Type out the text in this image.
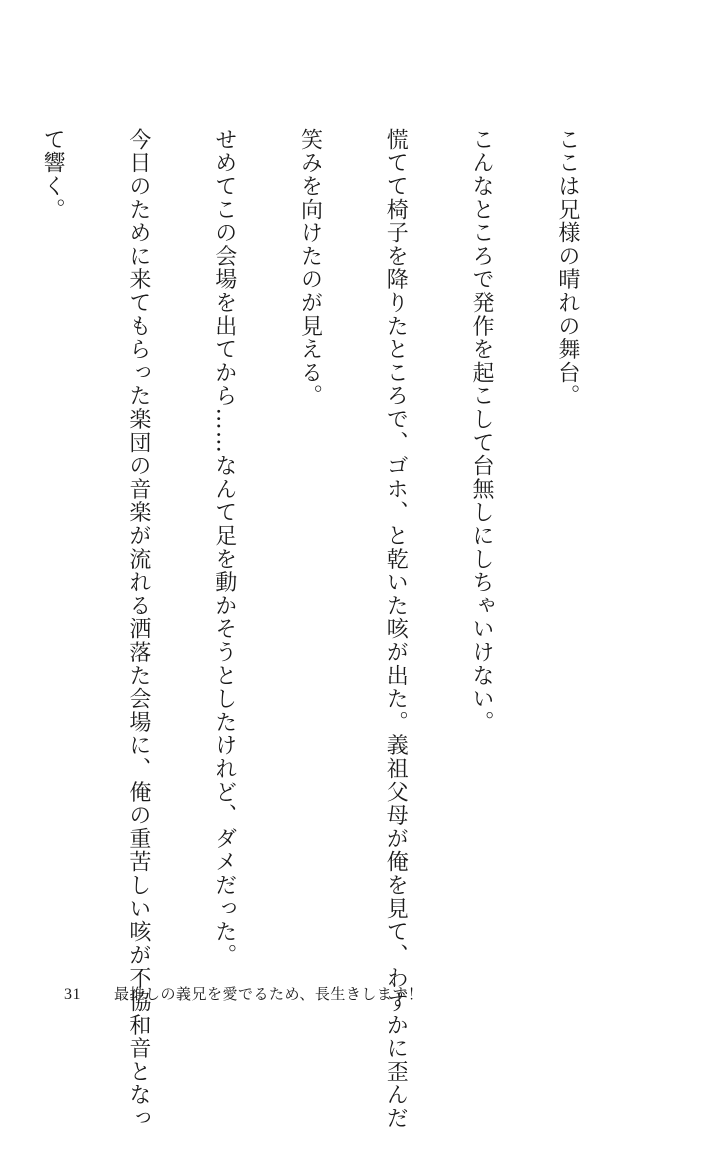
ここは兄様の晴れの舞台。

こんなところで発作を起こして台無しにしちゃいけない。

慌てて椅子を降りたところで、ゴホ、と乾いた咳が出た。義祖父母が俺を見て、わずかに歪んだ

笑みを向けたのが見える。

せめてこの会場を出てから……なんて足を動かそうとしたけれど、ダメだった。

今日のために来てもらった楽団の音楽が流れる洒落た会場に、俺の重苦しい咳が不協和音となっ

て響く。

31	最推しの義兄を愛でるため、長生きします！
